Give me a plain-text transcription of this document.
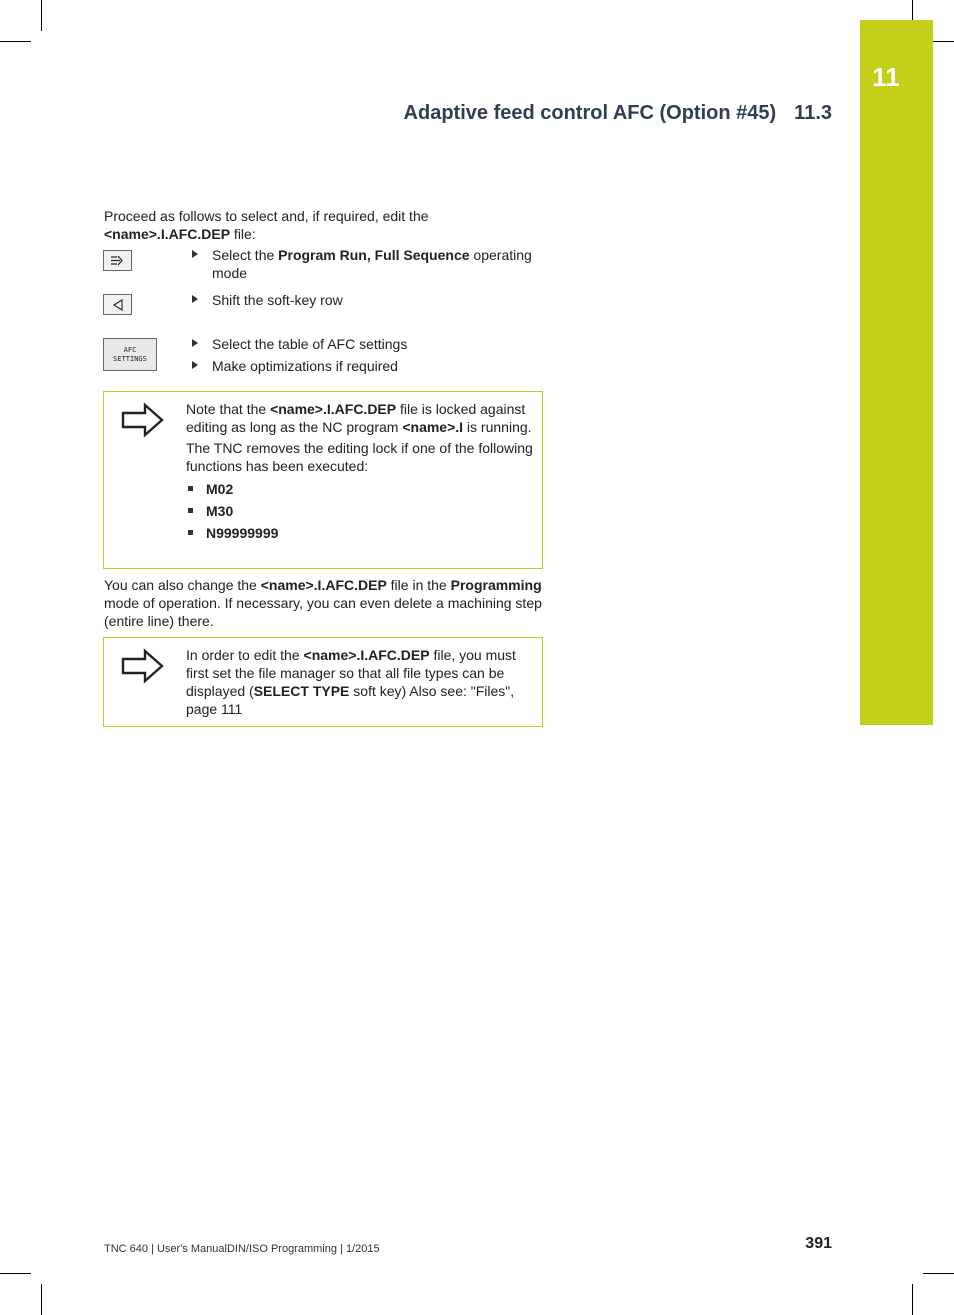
11
Adaptive feed control AFC (Option #45) 11.3
Proceed as follows to select and, if required, edit the
<name>.I.AFC.DEP file:
Select the Program Run, Full Sequence operating mode
Shift the soft-key row
AFC
SETTINGS
Select the table of AFC settings
Make optimizations if required

Note that the <name>.I.AFC.DEP file is locked against editing as long as the NC program <name>.I is running.

The TNC removes the editing lock if one of the following functions has been executed:

M02
M30
N99999999
You can also change the <name>.I.AFC.DEP file in the Programming mode of operation. If necessary, you can even delete a machining step (entire line) there.
In order to edit the <name>.I.AFC.DEP file, you must first set the file manager so that all file types can be displayed (SELECT TYPE soft key) Also see: "Files", page 111
TNC 640 | User's ManualDIN/ISO Programming | 1/2015	391
